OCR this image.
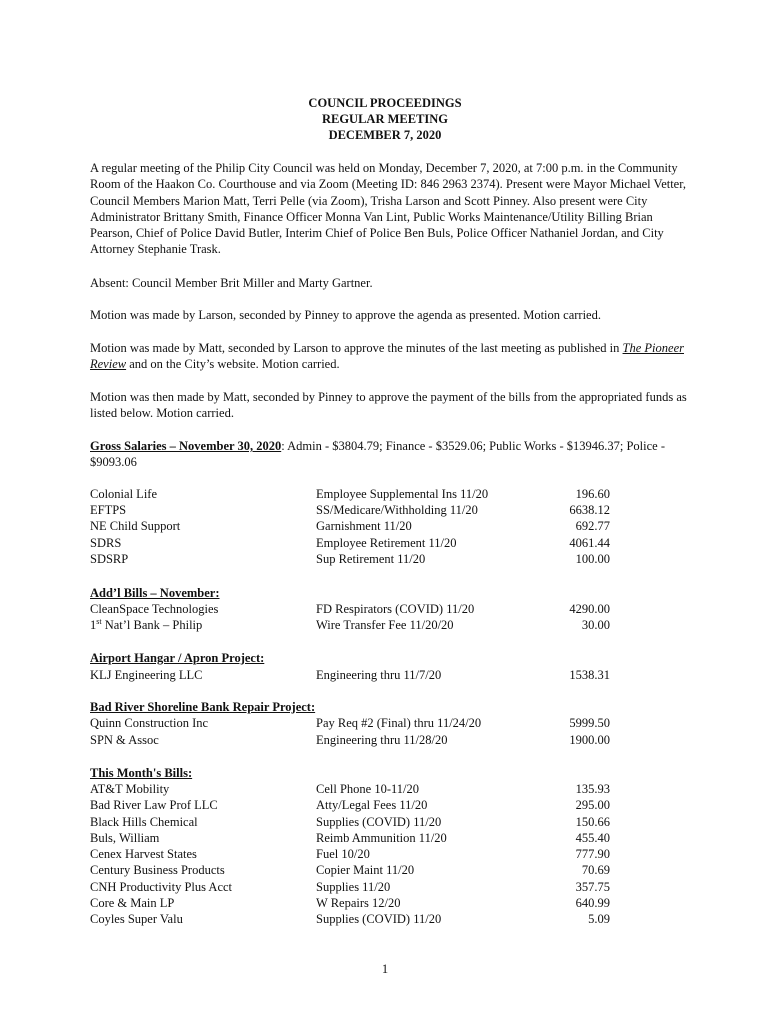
COUNCIL PROCEEDINGS
REGULAR MEETING
DECEMBER 7, 2020

A regular meeting of the Philip City Council was held on Monday, December 7, 2020, at 7:00 p.m. in the Community Room of the Haakon Co. Courthouse and via Zoom (Meeting ID: 846 2963 2374). Present were Mayor Michael Vetter, Council Members Marion Matt, Terri Pelle (via Zoom), Trisha Larson and Scott Pinney. Also present were City Administrator Brittany Smith, Finance Officer Monna Van Lint, Public Works Maintenance/Utility Billing Brian Pearson, Chief of Police David Butler, Interim Chief of Police Ben Buls, Police Officer Nathaniel Jordan, and City Attorney Stephanie Trask.

Absent: Council Member Brit Miller and Marty Gartner.
Motion was made by Larson, seconded by Pinney to approve the agenda as presented. Motion carried.
Motion was made by Matt, seconded by Larson to approve the minutes of the last meeting as published in The Pioneer Review and on the City’s website. Motion carried.
Motion was then made by Matt, seconded by Pinney to approve the payment of the bills from the appropriated funds as listed below. Motion carried.
Gross Salaries – November 30, 2020: Admin - $3804.79; Finance - $3529.06; Public Works - $13946.37; Police - $9093.06
Colonial Life	Employee Supplemental Ins 11/20	196.60
EFTPS	SS/Medicare/Withholding 11/20	6638.12
NE Child Support	Garnishment 11/20	692.77
SDRS	Employee Retirement 11/20	4061.44
SDSRP	Sup Retirement 11/20	100.00
Add’l Bills – November:
CleanSpace Technologies	FD Respirators (COVID) 11/20	4290.00
1st Nat’l Bank – Philip	Wire Transfer Fee 11/20/20	30.00
Airport Hangar / Apron Project:
KLJ Engineering LLC	Engineering thru 11/7/20	1538.31
Bad River Shoreline Bank Repair Project:
Quinn Construction Inc	Pay Req #2 (Final) thru 11/24/20	5999.50
SPN & Assoc	Engineering thru 11/28/20	1900.00
This Month's Bills:
AT&T Mobility	Cell Phone 10-11/20	135.93
Bad River Law Prof LLC	Atty/Legal Fees 11/20	295.00
Black Hills Chemical	Supplies (COVID) 11/20	150.66
Buls, William	Reimb Ammunition 11/20	455.40
Cenex Harvest States	Fuel 10/20	777.90
Century Business Products	Copier Maint 11/20	70.69
CNH Productivity Plus Acct	Supplies 11/20	357.75
Core & Main LP	W Repairs 12/20	640.99
Coyles Super Valu	Supplies (COVID) 11/20	5.09
1
